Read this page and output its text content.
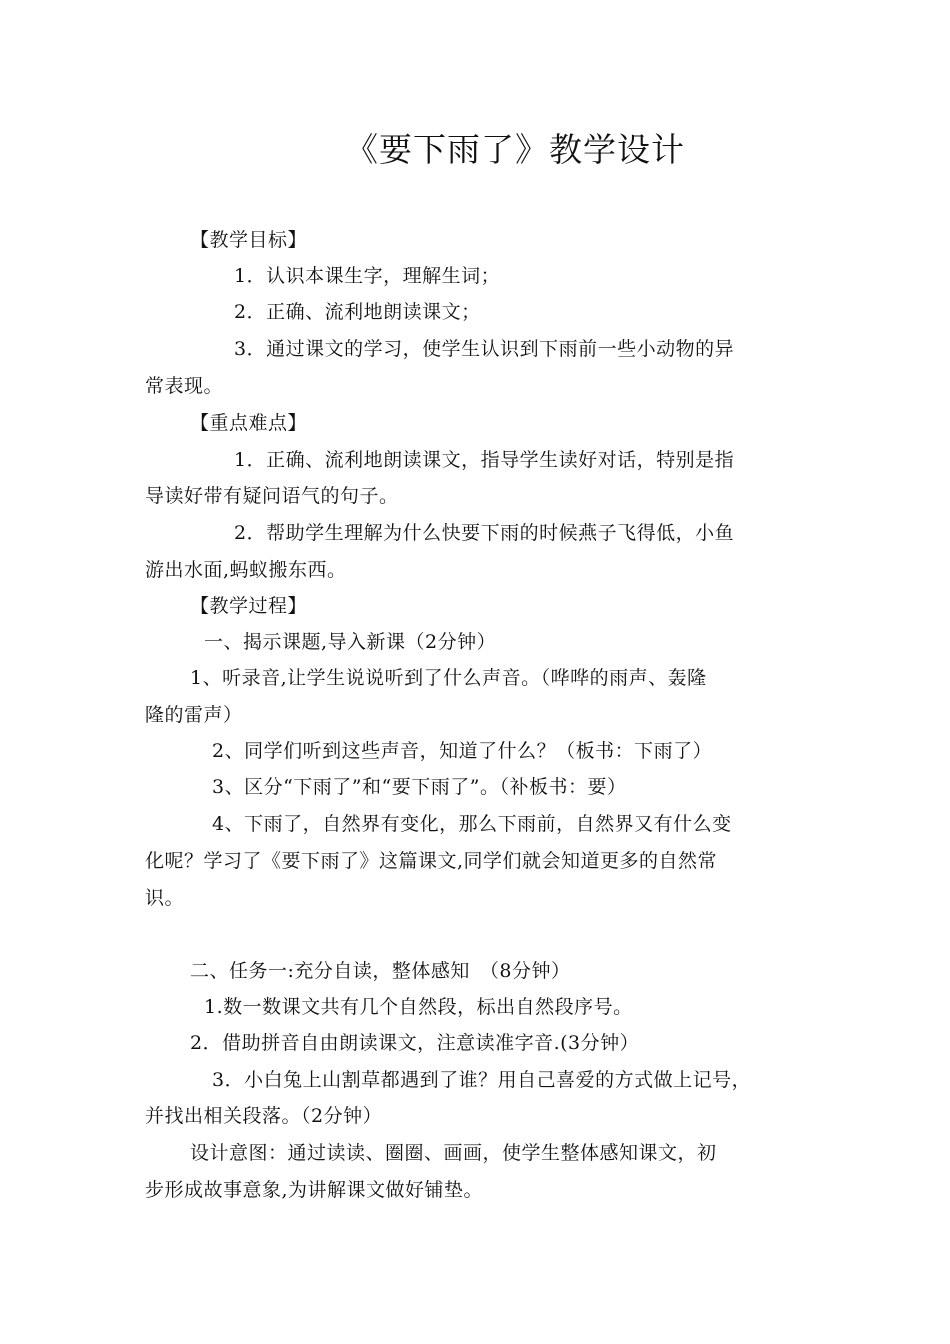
《要下雨了》教学设计
【教学目标】
1．认识本课生字，理解生词；
2．正确、流利地朗读课文；
3．通过课文的学习，使学生认识到下雨前一些小动物的异
常表现。
【重点难点】
1．正确、流利地朗读课文，指导学生读好对话，特别是指
导读好带有疑问语气的句子。
2．帮助学生理解为什么快要下雨的时候燕子飞得低，小鱼
游出水面,蚂蚁搬东西。
【教学过程】
一、揭示课题,导入新课（2分钟）
1、听录音,让学生说说听到了什么声音。（哗哗的雨声、轰隆
隆的雷声）
2、同学们听到这些声音，知道了什么？（板书：下雨了）
3、区分“下雨了”和“要下雨了”。（补板书：要）
4、下雨了，自然界有变化，那么下雨前，自然界又有什么变
化呢？学习了《要下雨了》这篇课文,同学们就会知道更多的自然常
识。
二、任务一:充分自读，整体感知　（8分钟）
1.数一数课文共有几个自然段，标出自然段序号。
2．借助拼音自由朗读课文，注意读准字音.(3分钟）
3．小白兔上山割草都遇到了谁？用自己喜爱的方式做上记号，
并找出相关段落。（2分钟）
设计意图：通过读读、圈圈、画画，使学生整体感知课文，初
步形成故事意象,为讲解课文做好铺垫。
